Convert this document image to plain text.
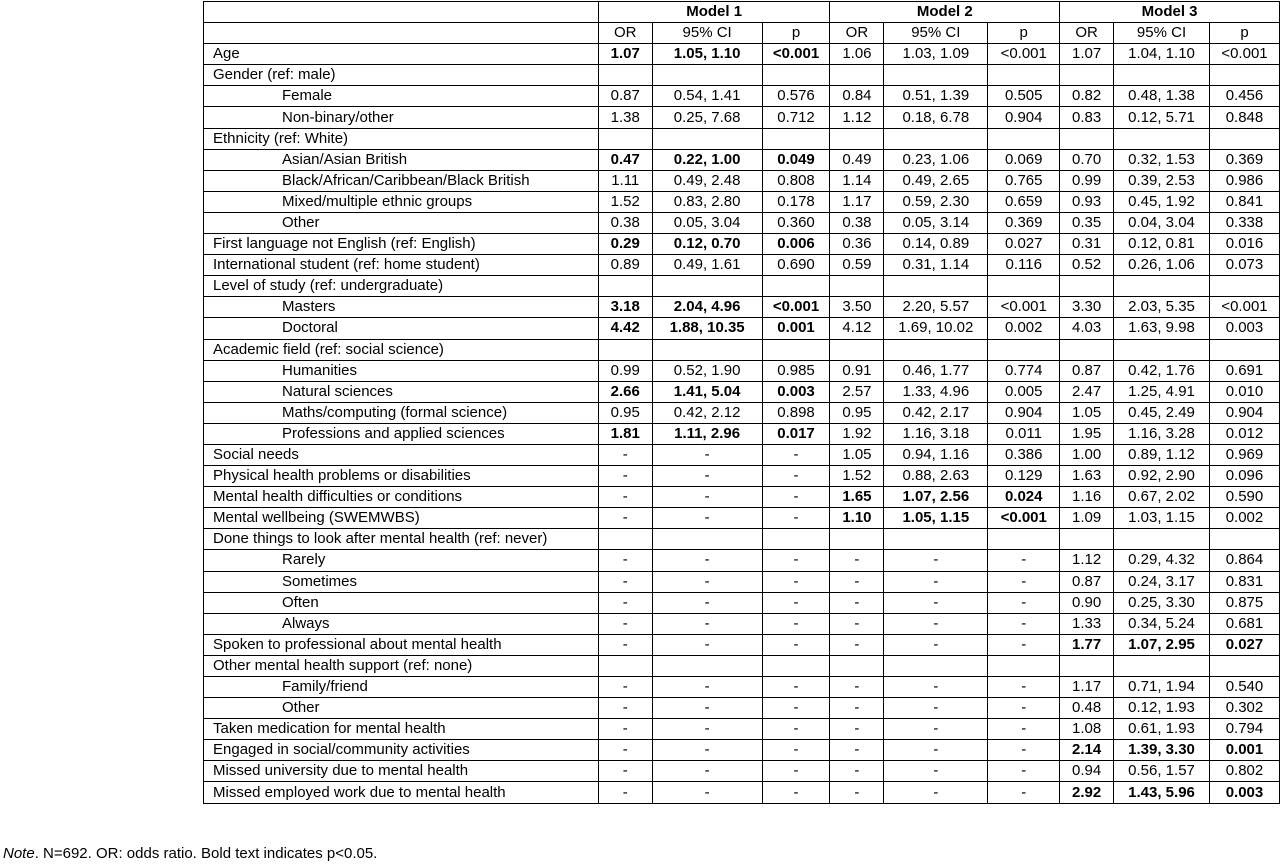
	Model 1			Model 2			Model 3		
	OR	95% CI	p	OR	95% CI	p	OR	95% CI	p
Age	1.07	1.05, 1.10	<0.001	1.06	1.03, 1.09	<0.001	1.07	1.04, 1.10	<0.001
Gender (ref: male)									
Female	0.87	0.54, 1.41	0.576	0.84	0.51, 1.39	0.505	0.82	0.48, 1.38	0.456
Non-binary/other	1.38	0.25, 7.68	0.712	1.12	0.18, 6.78	0.904	0.83	0.12, 5.71	0.848
Ethnicity (ref: White)									
Asian/Asian British	0.47	0.22, 1.00	0.049	0.49	0.23, 1.06	0.069	0.70	0.32, 1.53	0.369
Black/African/Caribbean/Black British	1.11	0.49, 2.48	0.808	1.14	0.49, 2.65	0.765	0.99	0.39, 2.53	0.986
Mixed/multiple ethnic groups	1.52	0.83, 2.80	0.178	1.17	0.59, 2.30	0.659	0.93	0.45, 1.92	0.841
Other	0.38	0.05, 3.04	0.360	0.38	0.05, 3.14	0.369	0.35	0.04, 3.04	0.338
First language not English (ref: English)	0.29	0.12, 0.70	0.006	0.36	0.14, 0.89	0.027	0.31	0.12, 0.81	0.016
International student (ref: home student)	0.89	0.49, 1.61	0.690	0.59	0.31, 1.14	0.116	0.52	0.26, 1.06	0.073
Level of study (ref: undergraduate)									
Masters	3.18	2.04, 4.96	<0.001	3.50	2.20, 5.57	<0.001	3.30	2.03, 5.35	<0.001
Doctoral	4.42	1.88, 10.35	0.001	4.12	1.69, 10.02	0.002	4.03	1.63, 9.98	0.003
Academic field (ref: social science)									
Humanities	0.99	0.52, 1.90	0.985	0.91	0.46, 1.77	0.774	0.87	0.42, 1.76	0.691
Natural sciences	2.66	1.41, 5.04	0.003	2.57	1.33, 4.96	0.005	2.47	1.25, 4.91	0.010
Maths/computing (formal science)	0.95	0.42, 2.12	0.898	0.95	0.42, 2.17	0.904	1.05	0.45, 2.49	0.904
Professions and applied sciences	1.81	1.11, 2.96	0.017	1.92	1.16, 3.18	0.011	1.95	1.16, 3.28	0.012
Social needs	-	-	-	1.05	0.94, 1.16	0.386	1.00	0.89, 1.12	0.969
Physical health problems or disabilities	-	-	-	1.52	0.88, 2.63	0.129	1.63	0.92, 2.90	0.096
Mental health difficulties or conditions	-	-	-	1.65	1.07, 2.56	0.024	1.16	0.67, 2.02	0.590
Mental wellbeing (SWEMWBS)	-	-	-	1.10	1.05, 1.15	<0.001	1.09	1.03, 1.15	0.002
Done things to look after mental health (ref: never)									
Rarely	-	-	-	-	-	-	1.12	0.29, 4.32	0.864
Sometimes	-	-	-	-	-	-	0.87	0.24, 3.17	0.831
Often	-	-	-	-	-	-	0.90	0.25, 3.30	0.875
Always	-	-	-	-	-	-	1.33	0.34, 5.24	0.681
Spoken to professional about mental health	-	-	-	-	-	-	1.77	1.07, 2.95	0.027
Other mental health support (ref: none)									
Family/friend	-	-	-	-	-	-	1.17	0.71, 1.94	0.540
Other	-	-	-	-	-	-	0.48	0.12, 1.93	0.302
Taken medication for mental health	-	-	-	-	-	-	1.08	0.61, 1.93	0.794
Engaged in social/community activities	-	-	-	-	-	-	2.14	1.39, 3.30	0.001
Missed university due to mental health	-	-	-	-	-	-	0.94	0.56, 1.57	0.802
Missed employed work due to mental health	-	-	-	-	-	-	2.92	1.43, 5.96	0.003
Note. N=692. OR: odds ratio. Bold text indicates p<0.05.
